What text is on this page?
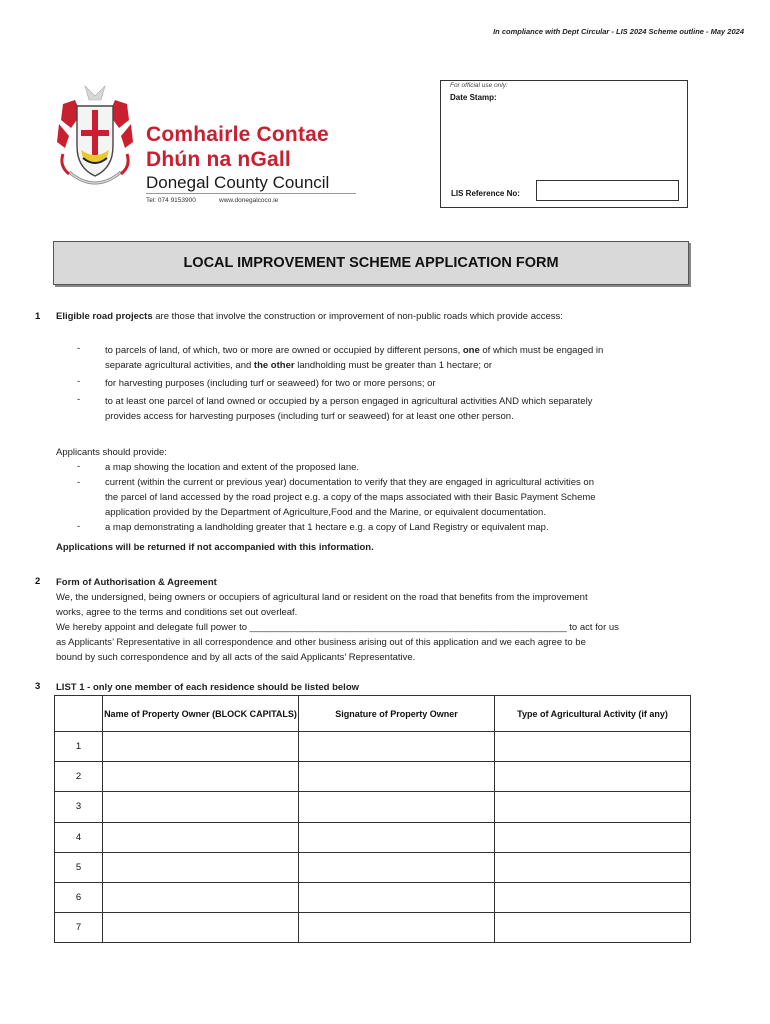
In compliance with Dept Circular - LIS 2024 Scheme outline - May 2024
Comhairle Contae
Dhún na nGall
Donegal County Council
Tel: 074 9153900	www.donegalcoco.ie
For official use only:
Date Stamp:
LIS Reference No:
LOCAL IMPROVEMENT SCHEME APPLICATION FORM
1 Eligible road projects are those that involve the construction or improvement of non-public roads which provide access:
-	to parcels of land, of which, two or more are owned or occupied by different persons, one of which must be engaged in
separate agricultural activities, and the other landholding must be greater than 1 hectare; or
-	for harvesting purposes (including turf or seaweed) for two or more persons; or
-	to at least one parcel of land owned or occupied by a person engaged in agricultural activities AND which separately
provides access for harvesting purposes (including turf or seaweed) for at least one other person.
Applicants should provide:
-	a map showing the location and extent of the proposed lane.
-	current (within the current or previous year) documentation to verify that they are engaged in agricultural activities on
the parcel of land accessed by the road project e.g. a copy of the maps associated with their Basic Payment Scheme
application provided by the Department of Agriculture,Food and the Marine, or equivalent documentation.
-	a map demonstrating a landholding greater that 1 hectare e.g. a copy of Land Registry or equivalent map.
Applications will be returned if not accompanied with this information.
2 Form of Authorisation & Agreement
We, the undersigned, being owners or occupiers of agricultural land or resident on the road that benefits from the improvement
works, agree to the terms and conditions set out overleaf.
We hereby appoint and delegate full power to ____________________________________________________________ to act for us
as Applicants’ Representative in all correspondence and other business arising out of this application and we each agree to be
bound by such correspondence and by all acts of the said Applicants’ Representative.
3 LIST 1 - only one member of each residence should be listed below
	Name of Property Owner (BLOCK CAPITALS)	Signature of Property Owner	Type of Agricultural Activity (if any)
1			
2			
3			
4			
5			
6			
7			
